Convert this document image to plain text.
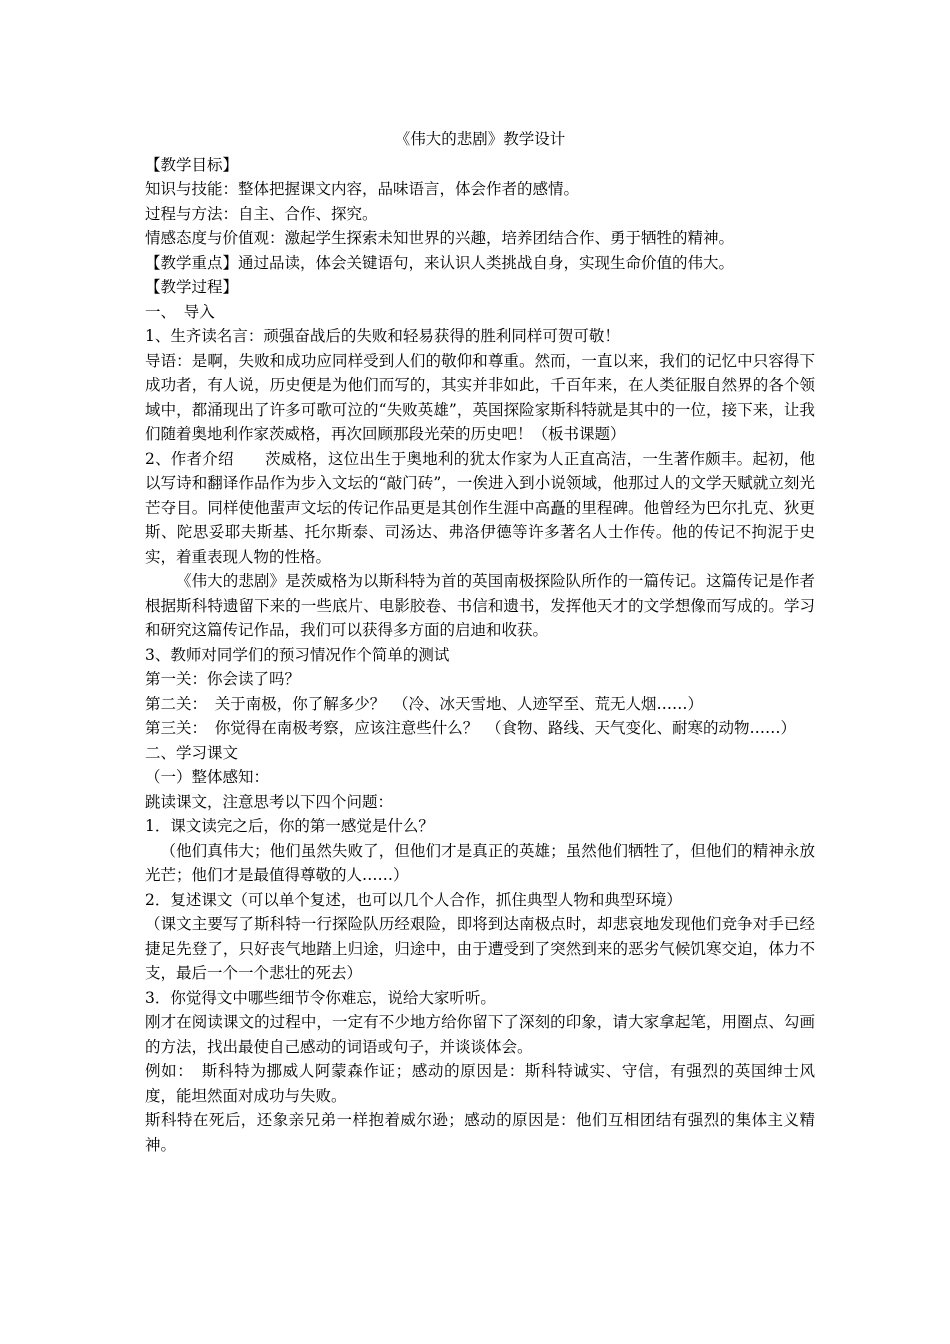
《伟大的悲剧》教学设计

【教学目标】

知识与技能：整体把握课文内容，品味语言，体会作者的感情。

过程与方法：自主、合作、探究。

情感态度与价值观：激起学生探索未知世界的兴趣，培养团结合作、勇于牺牲的精神。

【教学重点】通过品读，体会关键语句，来认识人类挑战自身，实现生命价值的伟大。

【教学过程】

一、　导入

1、生齐读名言：顽强奋战后的失败和轻易获得的胜利同样可贺可敬！

导语：是啊，失败和成功应同样受到人们的敬仰和尊重。然而，一直以来，我们的记忆中只容得下成功者，有人说，历史便是为他们而写的，其实并非如此，千百年来，在人类征服自然界的各个领域中，都涌现出了许多可歌可泣的“失败英雄”，英国探险家斯科特就是其中的一位，接下来，让我们随着奥地利作家茨威格，再次回顾那段光荣的历史吧！（板书课题）

2、作者介绍　　茨威格，这位出生于奥地利的犹太作家为人正直高洁，一生著作颇丰。起初，他以写诗和翻译作品作为步入文坛的“敲门砖”，一俟进入到小说领域，他那过人的文学天赋就立刻光芒夺目。同样使他蜚声文坛的传记作品更是其创作生涯中高矗的里程碑。他曾经为巴尔扎克、狄更斯、陀思妥耶夫斯基、托尔斯泰、司汤达、弗洛伊德等许多著名人士作传。他的传记不拘泥于史实，着重表现人物的性格。

《伟大的悲剧》是茨威格为以斯科特为首的英国南极探险队所作的一篇传记。这篇传记是作者根据斯科特遗留下来的一些底片、电影胶卷、书信和遗书，发挥他天才的文学想像而写成的。学习和研究这篇传记作品，我们可以获得多方面的启迪和收获。

3、教师对同学们的预习情况作个简单的测试

第一关：你会读了吗？

第二关：　关于南极，你了解多少？　（冷、冰天雪地、人迹罕至、荒无人烟……）

第三关：　你觉得在南极考察，应该注意些什么？　（食物、路线、天气变化、耐寒的动物……）

二、学习课文

（一）整体感知：

跳读课文，注意思考以下四个问题：

1．课文读完之后，你的第一感觉是什么？

（他们真伟大；他们虽然失败了，但他们才是真正的英雄；虽然他们牺牲了，但他们的精神永放光芒；他们才是最值得尊敬的人……）

2．复述课文（可以单个复述，也可以几个人合作，抓住典型人物和典型环境）

（课文主要写了斯科特一行探险队历经艰险，即将到达南极点时，却悲哀地发现他们竞争对手已经捷足先登了，只好丧气地踏上归途，归途中，由于遭受到了突然到来的恶劣气候饥寒交迫，体力不支，最后一个一个悲壮的死去）

3．你觉得文中哪些细节令你难忘，说给大家听听。

刚才在阅读课文的过程中，一定有不少地方给你留下了深刻的印象，请大家拿起笔，用圈点、勾画的方法，找出最使自己感动的词语或句子，并谈谈体会。

例如：　斯科特为挪威人阿蒙森作证；感动的原因是：斯科特诚实、守信，有强烈的英国绅士风度，能坦然面对成功与失败。

斯科特在死后，还象亲兄弟一样抱着威尔逊；感动的原因是：他们互相团结有强烈的集体主义精神。
